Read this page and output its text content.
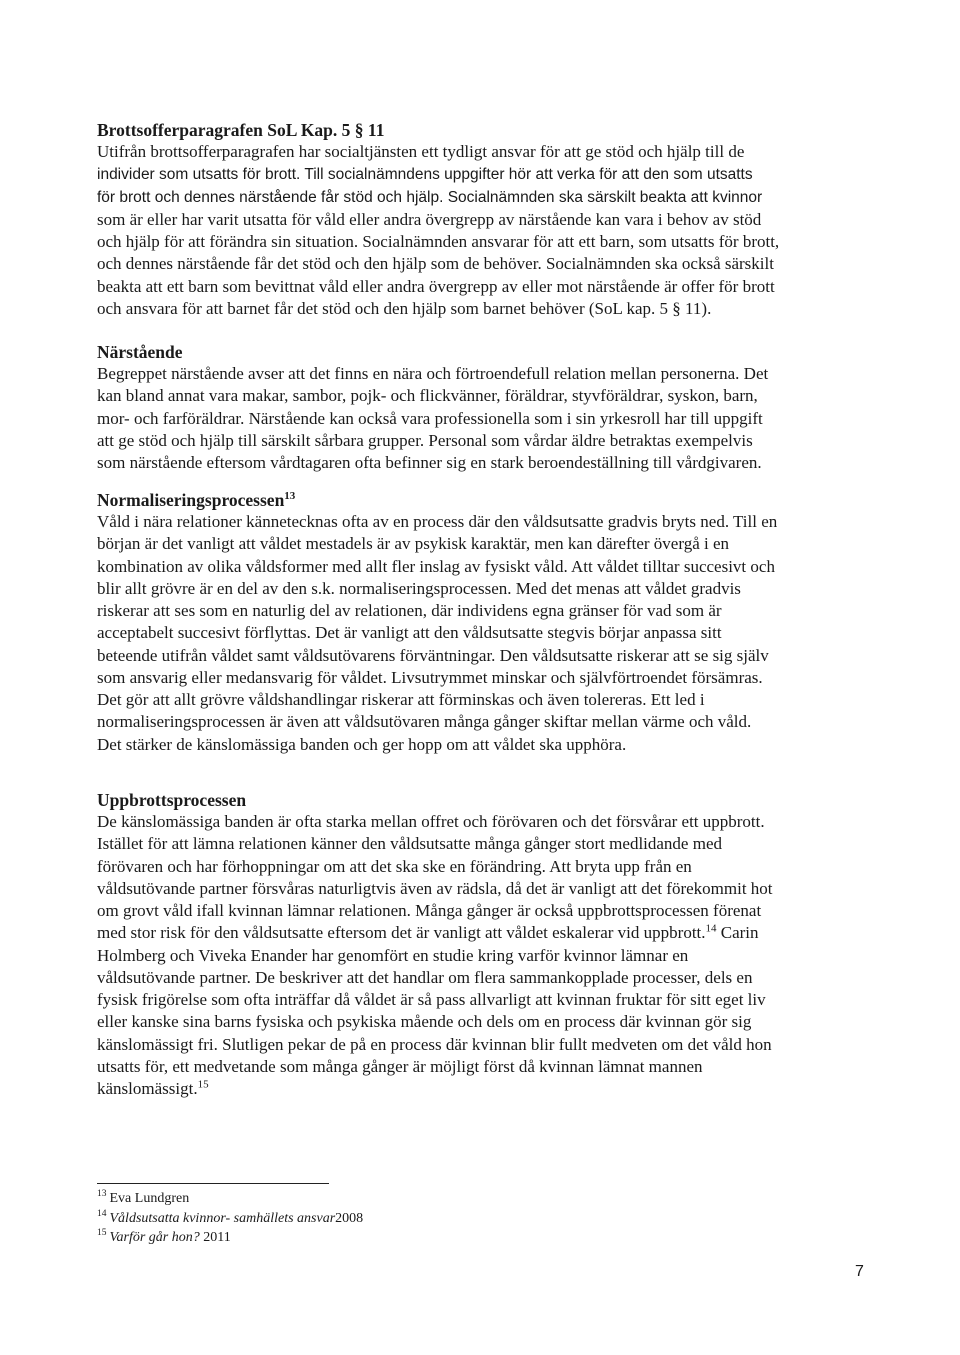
Brottsofferparagrafen SoL Kap. 5 § 11

Utifrån brottsofferparagrafen har socialtjänsten ett tydligt ansvar för att ge stöd och hjälp till de
individer som utsatts för brott. Till socialnämndens uppgifter hör att verka för att den som utsatts
för brott och dennes närstående får stöd och hjälp. Socialnämnden ska särskilt beakta att kvinnor
som är eller har varit utsatta för våld eller andra övergrepp av närstående kan vara i behov av stöd
och hjälp för att förändra sin situation. Socialnämnden ansvarar för att ett barn, som utsatts för brott,
och dennes närstående får det stöd och den hjälp som de behöver. Socialnämnden ska också särskilt
beakta att ett barn som bevittnat våld eller andra övergrepp av eller mot närstående är offer för brott
och ansvara för att barnet får det stöd och den hjälp som barnet behöver (SoL kap. 5 § 11).

Närstående

Begreppet närstående avser att det finns en nära och förtroendefull relation mellan personerna. Det
kan bland annat vara makar, sambor, pojk- och flickvänner, föräldrar, styvföräldrar, syskon, barn,
mor- och farföräldrar. Närstående kan också vara professionella som i sin yrkesroll har till uppgift
att ge stöd och hjälp till särskilt sårbara grupper. Personal som vårdar äldre betraktas exempelvis
som närstående eftersom vårdtagaren ofta befinner sig en stark beroendeställning till vårdgivaren.

Normaliseringsprocessen$^{13}$

Våld i nära relationer kännetecknas ofta av en process där den våldsutsatte gradvis bryts ned. Till en
början är det vanligt att våldet mestadels är av psykisk karaktär, men kan därefter övergå i en
kombination av olika våldsformer med allt fler inslag av fysiskt våld. Att våldet tilltar succesivt och
blir allt grövre är en del av den s.k. normaliseringsprocessen. Med det menas att våldet gradvis
riskerar att ses som en naturlig del av relationen, där individens egna gränser för vad som är
acceptabelt succesivt förflyttas. Det är vanligt att den våldsutsatte stegvis börjar anpassa sitt
beteende utifrån våldet samt våldsutövarens förväntningar. Den våldsutsatte riskerar att se sig själv
som ansvarig eller medansvarig för våldet. Livsutrymmet minskar och självförtroendet försämras.
Det gör att allt grövre våldshandlingar riskerar att förminskas och även tolereras. Ett led i
normaliseringsprocessen är även att våldsutövaren många gånger skiftar mellan värme och våld.
Det stärker de känslomässiga banden och ger hopp om att våldet ska upphöra.

Uppbrottsprocessen

De känslomässiga banden är ofta starka mellan offret och förövaren och det försvårar ett uppbrott.
Istället för att lämna relationen känner den våldsutsatte många gånger stort medlidande med
förövaren och har förhoppningar om att det ska ske en förändring. Att bryta upp från en
våldsutövande partner försvåras naturligtvis även av rädsla, då det är vanligt att det förekommit hot
om grovt våld ifall kvinnan lämnar relationen. Många gånger är också uppbrottsprocessen förenat
med stor risk för den våldsutsatte eftersom det är vanligt att våldet eskalerar vid uppbrott.$^{14}$ Carin
Holmberg och Viveka Enander har genomfört en studie kring varför kvinnor lämnar en
våldsutövande partner. De beskriver att det handlar om flera sammankopplade processer, dels en
fysisk frigörelse som ofta inträffar då våldet är så pass allvarligt att kvinnan fruktar för sitt eget liv
eller kanske sina barns fysiska och psykiska mående och dels om en process där kvinnan gör sig
känslomässigt fri. Slutligen pekar de på en process där kvinnan blir fullt medveten om det våld hon
utsatts för, ett medvetande som många gånger är möjligt först då kvinnan lämnat mannen
känslomässigt.$^{15}$

$^{13}$ Eva Lundgren
$^{14}$ Våldsutsatta kvinnor- samhällets ansvar2008
$^{15}$ Varför går hon? 2011
7
